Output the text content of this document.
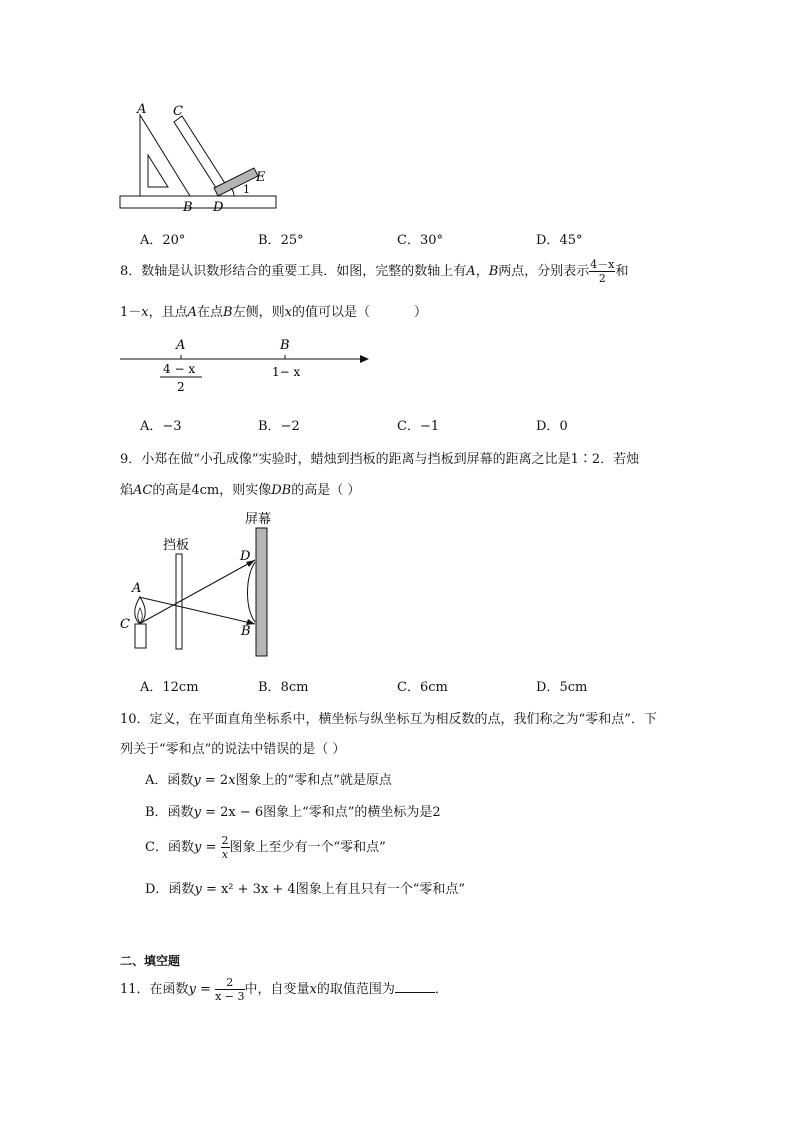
A C
E
1
B D
A．20°	B．25°	C．30°	D．45°
8．数轴是认识数形结合的重要工具．如图，完整的数轴上有A，B两点，分别表示 $\frac{4-x}{2}$ 和
1－x，且点A在点B左侧，则x的值可以是（	）
A	B
4 − x
2
1− x
A．−3	B．−2	C．−1	D．0
9．小郑在做“小孔成像”实验时，蜡烛到挡板的距离与挡板到屏幕的距离之比是1∶2．若烛
焰AC的高是4cm，则实像DB的高是（ ）
屏幕
挡板
D
A
C	B
A．12cm	B．8cm	C．6cm	D．5cm
10．定义，在平面直角坐标系中，横坐标与纵坐标互为相反数的点，我们称之为“零和点”．下
列关于“零和点”的说法中错误的是（ ）
A．函数y = 2x图象上的“零和点”就是原点
B．函数y = 2x − 6图象上“零和点”的横坐标为是2
C．函数$y = \frac{2}{x}$ 图象上至少有一个“零和点”
D．函数y = x² + 3x + 4图象上有且只有一个“零和点”
二、填空题
11．在函数$y = \frac{2}{x - 3}$ 中，自变量x的取值范围为	．
